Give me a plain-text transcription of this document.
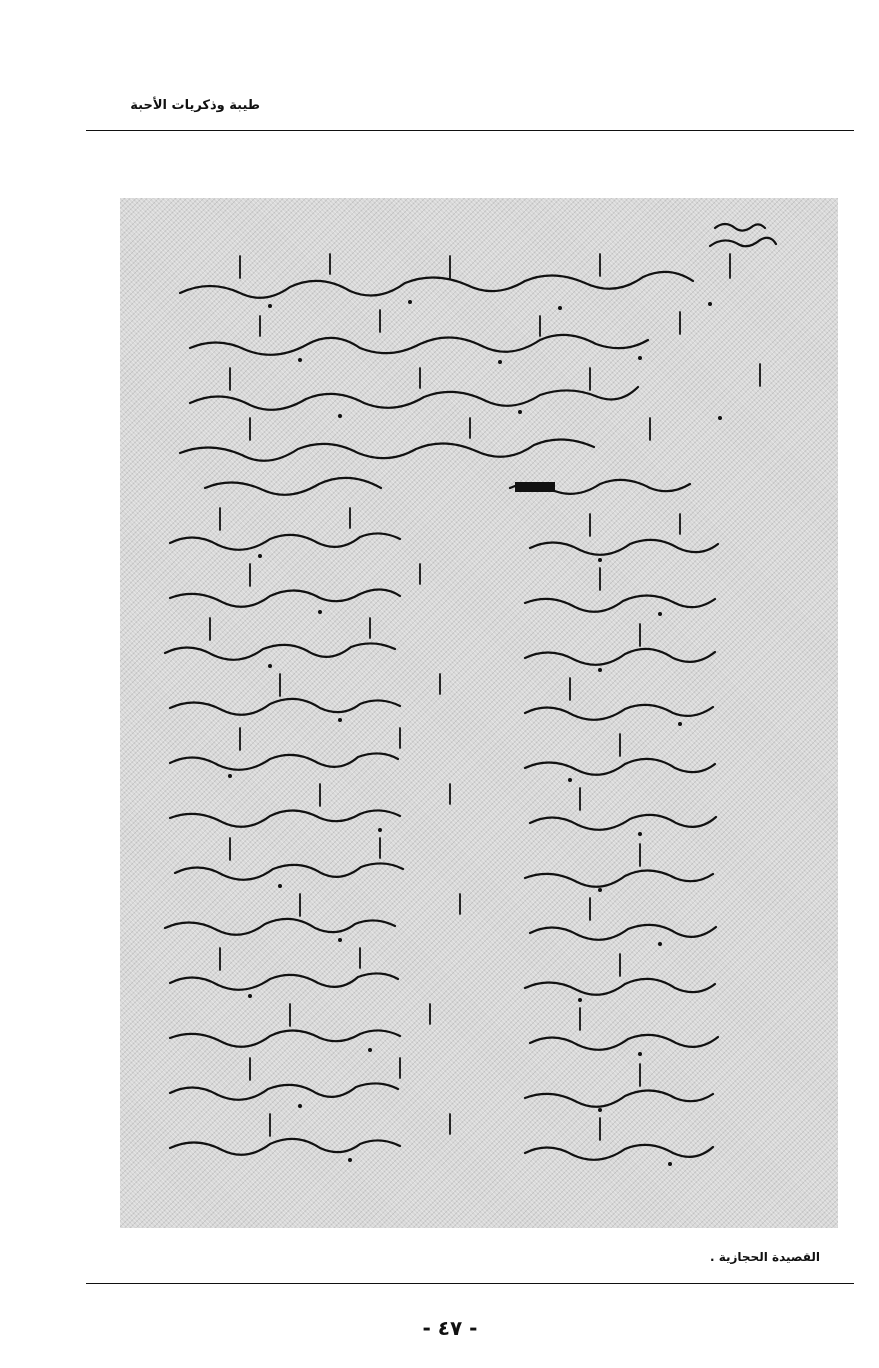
طيبة وذكريات الأحبة
القصيدة الحجازية .
- ٤٧ -
